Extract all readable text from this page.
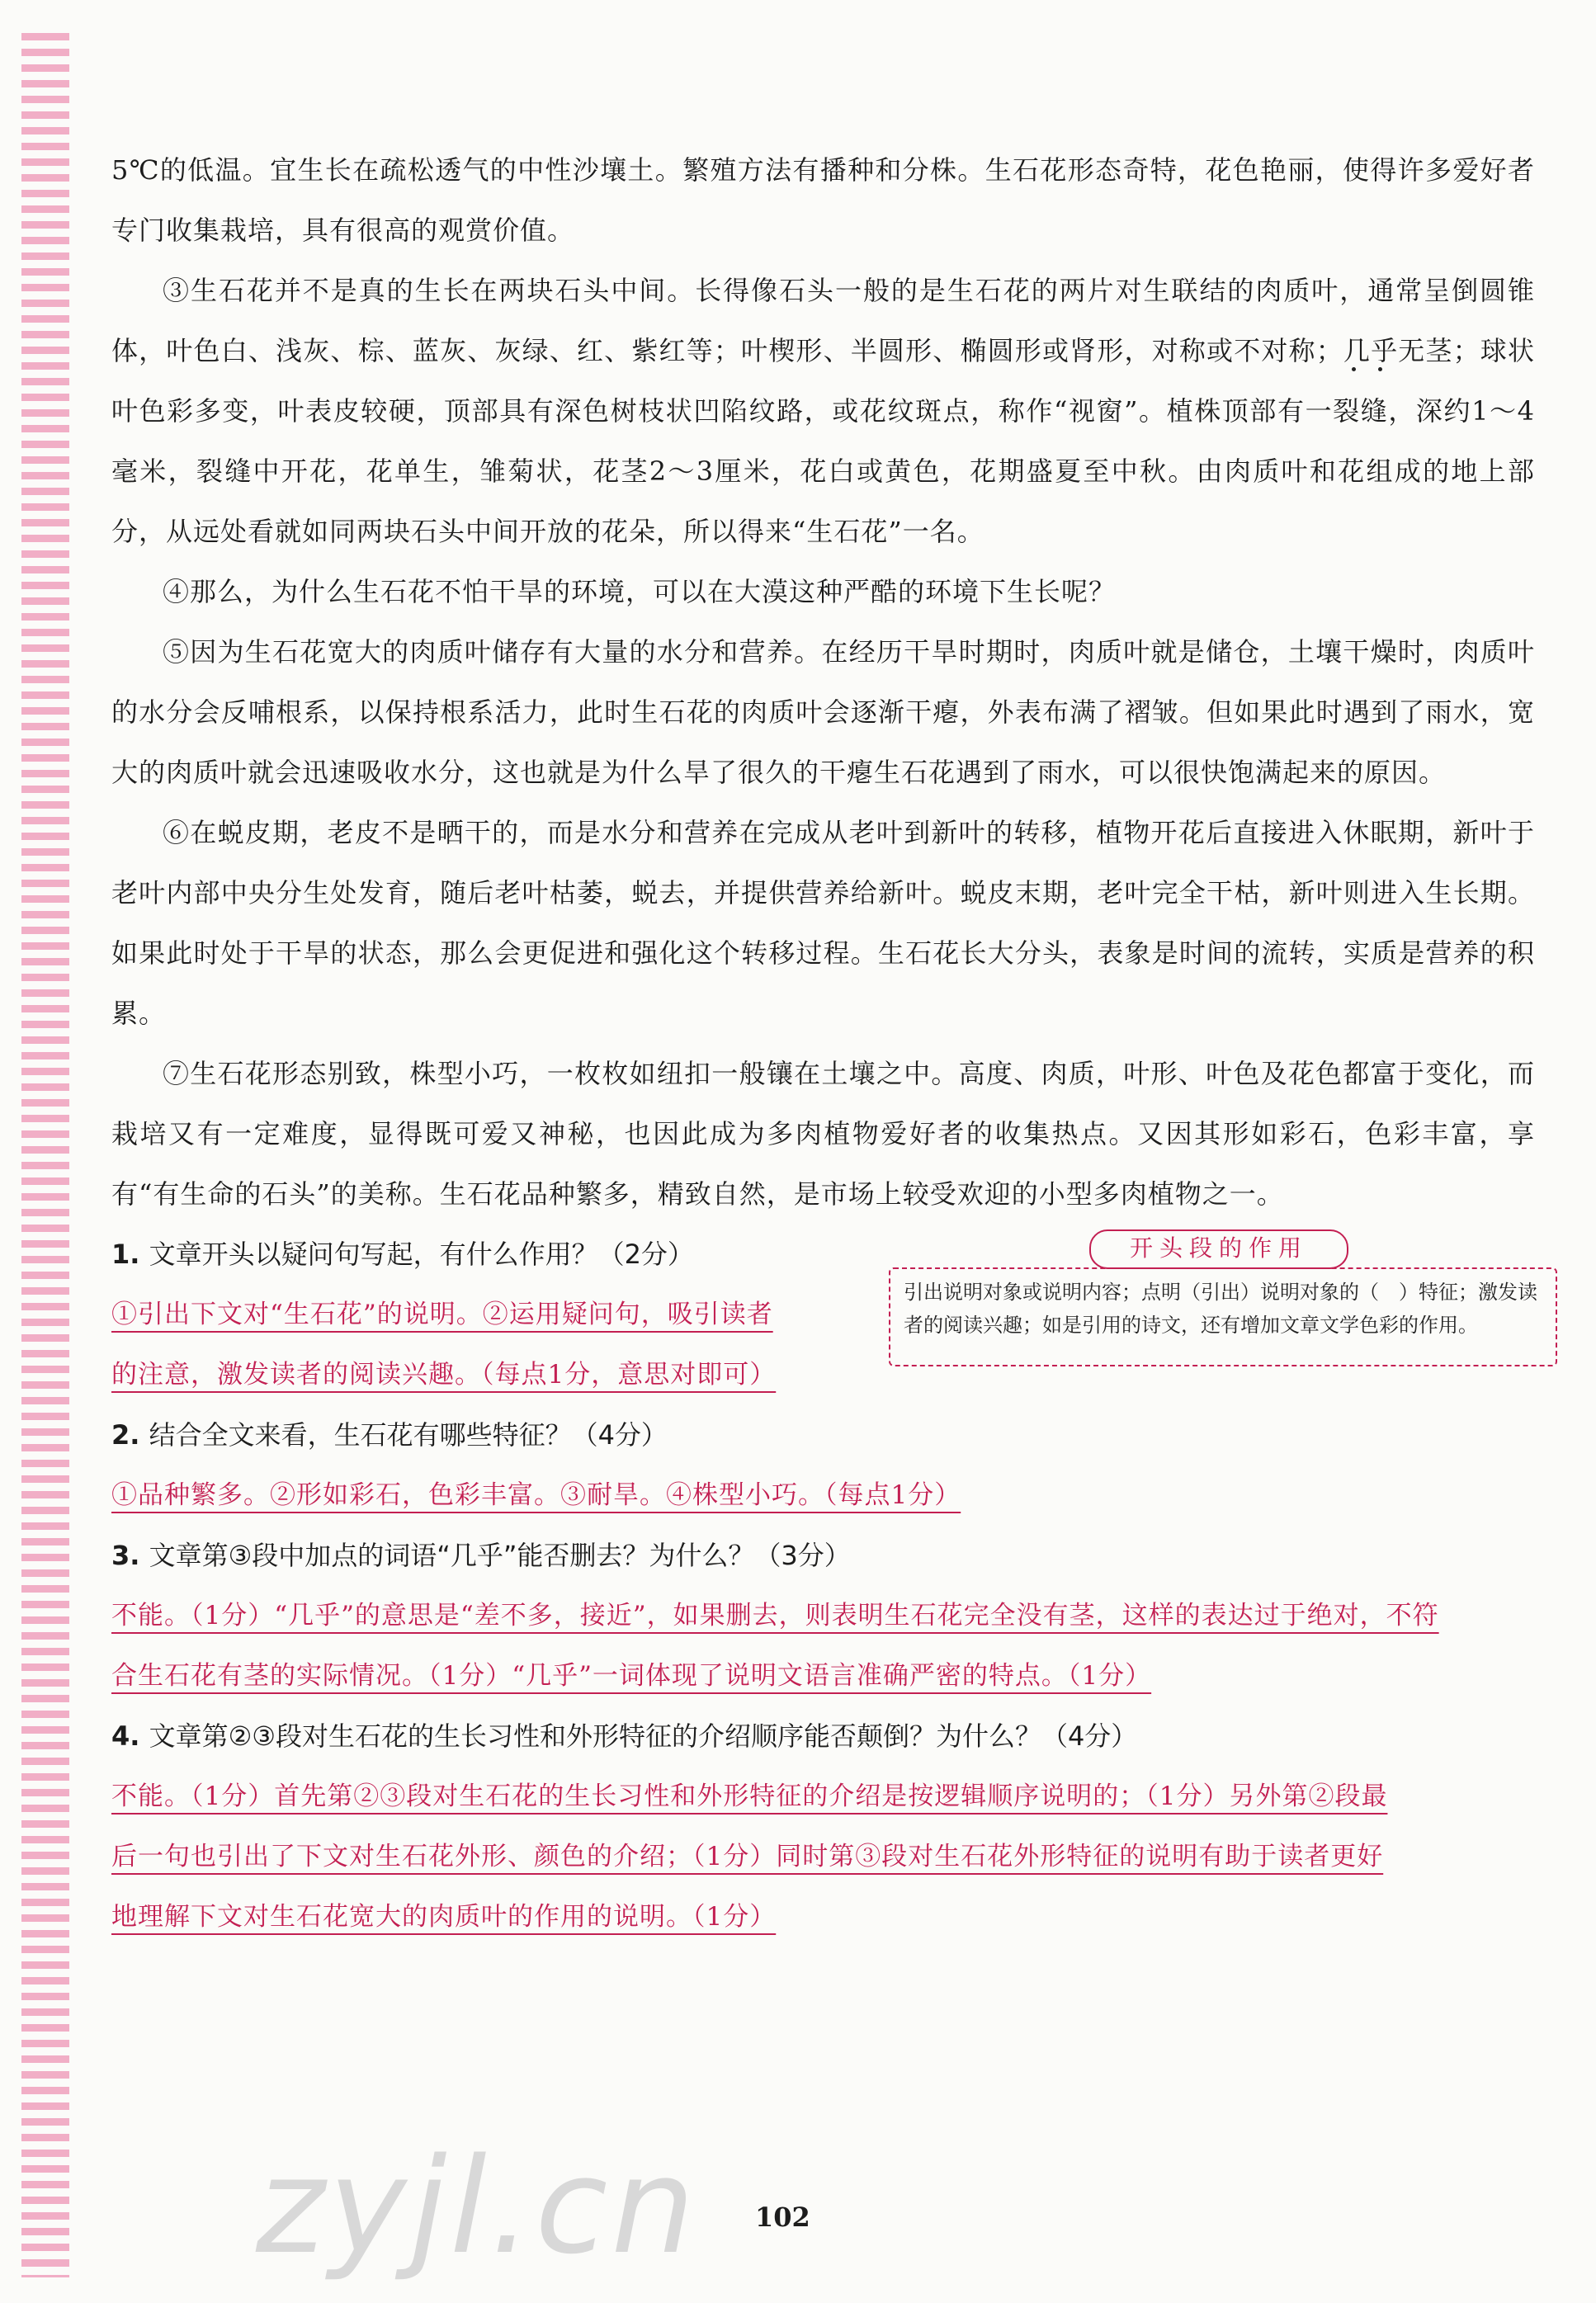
5℃的低温。宜生长在疏松透气的中性沙壤土。繁殖方法有播种和分株。生石花形态奇特，花色艳丽，使得许多爱好者专门收集栽培，具有很高的观赏价值。

③生石花并不是真的生长在两块石头中间。长得像石头一般的是生石花的两片对生联结的肉质叶，通常呈倒圆锥体，叶色白、浅灰、棕、蓝灰、灰绿、红、紫红等；叶楔形、半圆形、椭圆形或肾形，对称或不对称；几乎无茎；球状叶色彩多变，叶表皮较硬，顶部具有深色树枝状凹陷纹路，或花纹斑点，称作“视窗”。植株顶部有一裂缝，深约1～4毫米，裂缝中开花，花单生，雏菊状，花茎2～3厘米，花白或黄色，花期盛夏至中秋。由肉质叶和花组成的地上部分，从远处看就如同两块石头中间开放的花朵，所以得来“生石花”一名。

④那么，为什么生石花不怕干旱的环境，可以在大漠这种严酷的环境下生长呢？

⑤因为生石花宽大的肉质叶储存有大量的水分和营养。在经历干旱时期时，肉质叶就是储仓，土壤干燥时，肉质叶的水分会反哺根系，以保持根系活力，此时生石花的肉质叶会逐渐干瘪，外表布满了褶皱。但如果此时遇到了雨水，宽大的肉质叶就会迅速吸收水分，这也就是为什么旱了很久的干瘪生石花遇到了雨水，可以很快饱满起来的原因。

⑥在蜕皮期，老皮不是晒干的，而是水分和营养在完成从老叶到新叶的转移，植物开花后直接进入休眠期，新叶于老叶内部中央分生处发育，随后老叶枯萎，蜕去，并提供营养给新叶。蜕皮末期，老叶完全干枯，新叶则进入生长期。如果此时处于干旱的状态，那么会更促进和强化这个转移过程。生石花长大分头，表象是时间的流转，实质是营养的积累。

⑦生石花形态别致，株型小巧，一枚枚如纽扣一般镶在土壤之中。高度、肉质，叶形、叶色及花色都富于变化，而栽培又有一定难度，显得既可爱又神秘，也因此成为多肉植物爱好者的收集热点。又因其形如彩石，色彩丰富，享有“有生命的石头”的美称。生石花品种繁多，精致自然，是市场上较受欢迎的小型多肉植物之一。

1. 文章开头以疑问句写起，有什么作用？（2分）

①引出下文对“生石花”的说明。②运用疑问句，吸引读者

的注意，激发读者的阅读兴趣。（每点1分，意思对即可）

开头段的作用
引出说明对象或说明内容；点明（引出）说明对象的（　）特征；激发读者的阅读兴趣；如是引用的诗文，还有增加文章文学色彩的作用。

2. 结合全文来看，生石花有哪些特征？（4分）

①品种繁多。②形如彩石，色彩丰富。③耐旱。④株型小巧。（每点1分）

3. 文章第③段中加点的词语“几乎”能否删去？为什么？（3分）

不能。（1分）“几乎”的意思是“差不多，接近”，如果删去，则表明生石花完全没有茎，这样的表达过于绝对，不符

合生石花有茎的实际情况。（1分）“几乎”一词体现了说明文语言准确严密的特点。（1分）

4. 文章第②③段对生石花的生长习性和外形特征的介绍顺序能否颠倒？为什么？（4分）

不能。（1分）首先第②③段对生石花的生长习性和外形特征的介绍是按逻辑顺序说明的；（1分）另外第②段最

后一句也引出了下文对生石花外形、颜色的介绍；（1分）同时第③段对生石花外形特征的说明有助于读者更好

地理解下文对生石花宽大的肉质叶的作用的说明。（1分）

zyjl.cn 102
